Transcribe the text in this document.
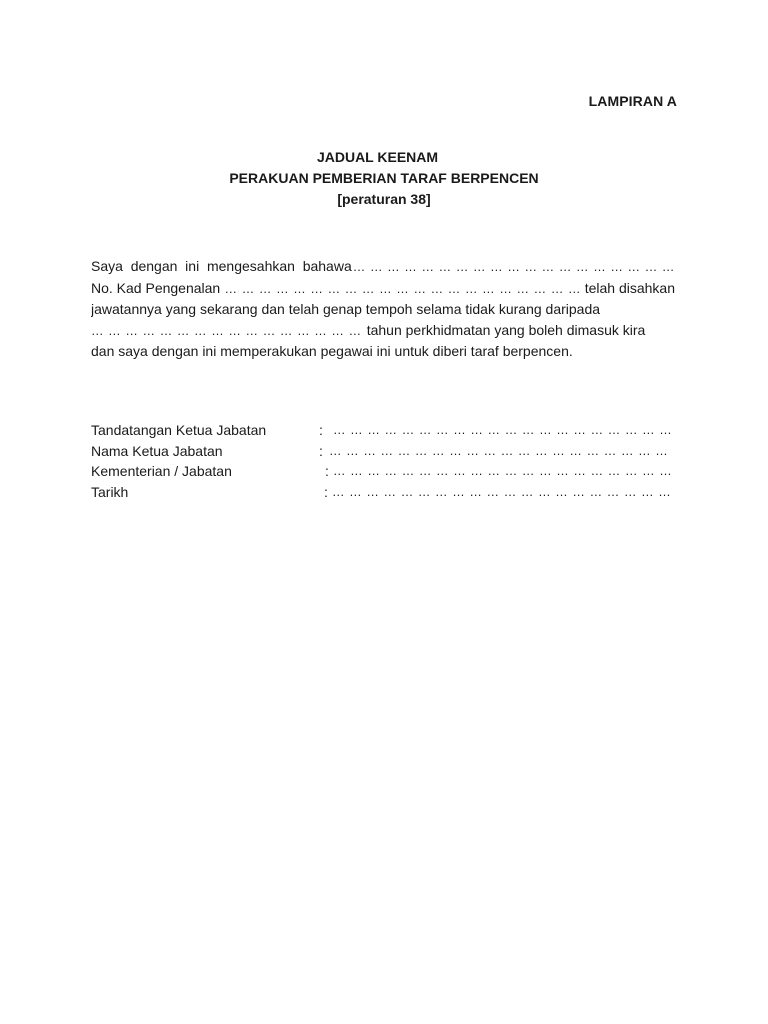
LAMPIRAN A
JADUAL KEENAM
PERAKUAN PEMBERIAN TARAF BERPENCEN
[peraturan 38]
Saya  dengan  ini  mengesahkan  bahawa … … … … … … … … … … … … … … … … … … …
No. Kad Pengenalan … … … … … … … … … … … … … … … … … … … … … telah disahkan
jawatannya yang sekarang dan telah genap tempoh selama tidak kurang daripada
… … … … … … … … … … … … … … … … tahun perkhidmatan yang boleh dimasuk kira
dan saya dengan ini memperakukan pegawai ini untuk diberi taraf berpencen.
Tandatangan Ketua Jabatan	: … … … … … … … … … … … … … … … … … … … …
Nama Ketua Jabatan	: … … … … … … … … … … … … … … … … … … … …
Kementerian / Jabatan	: … … … … … … … … … … … … … … … … … … … …
Tarikh	: … … … … … … … … … … … … … … … … … … … …
